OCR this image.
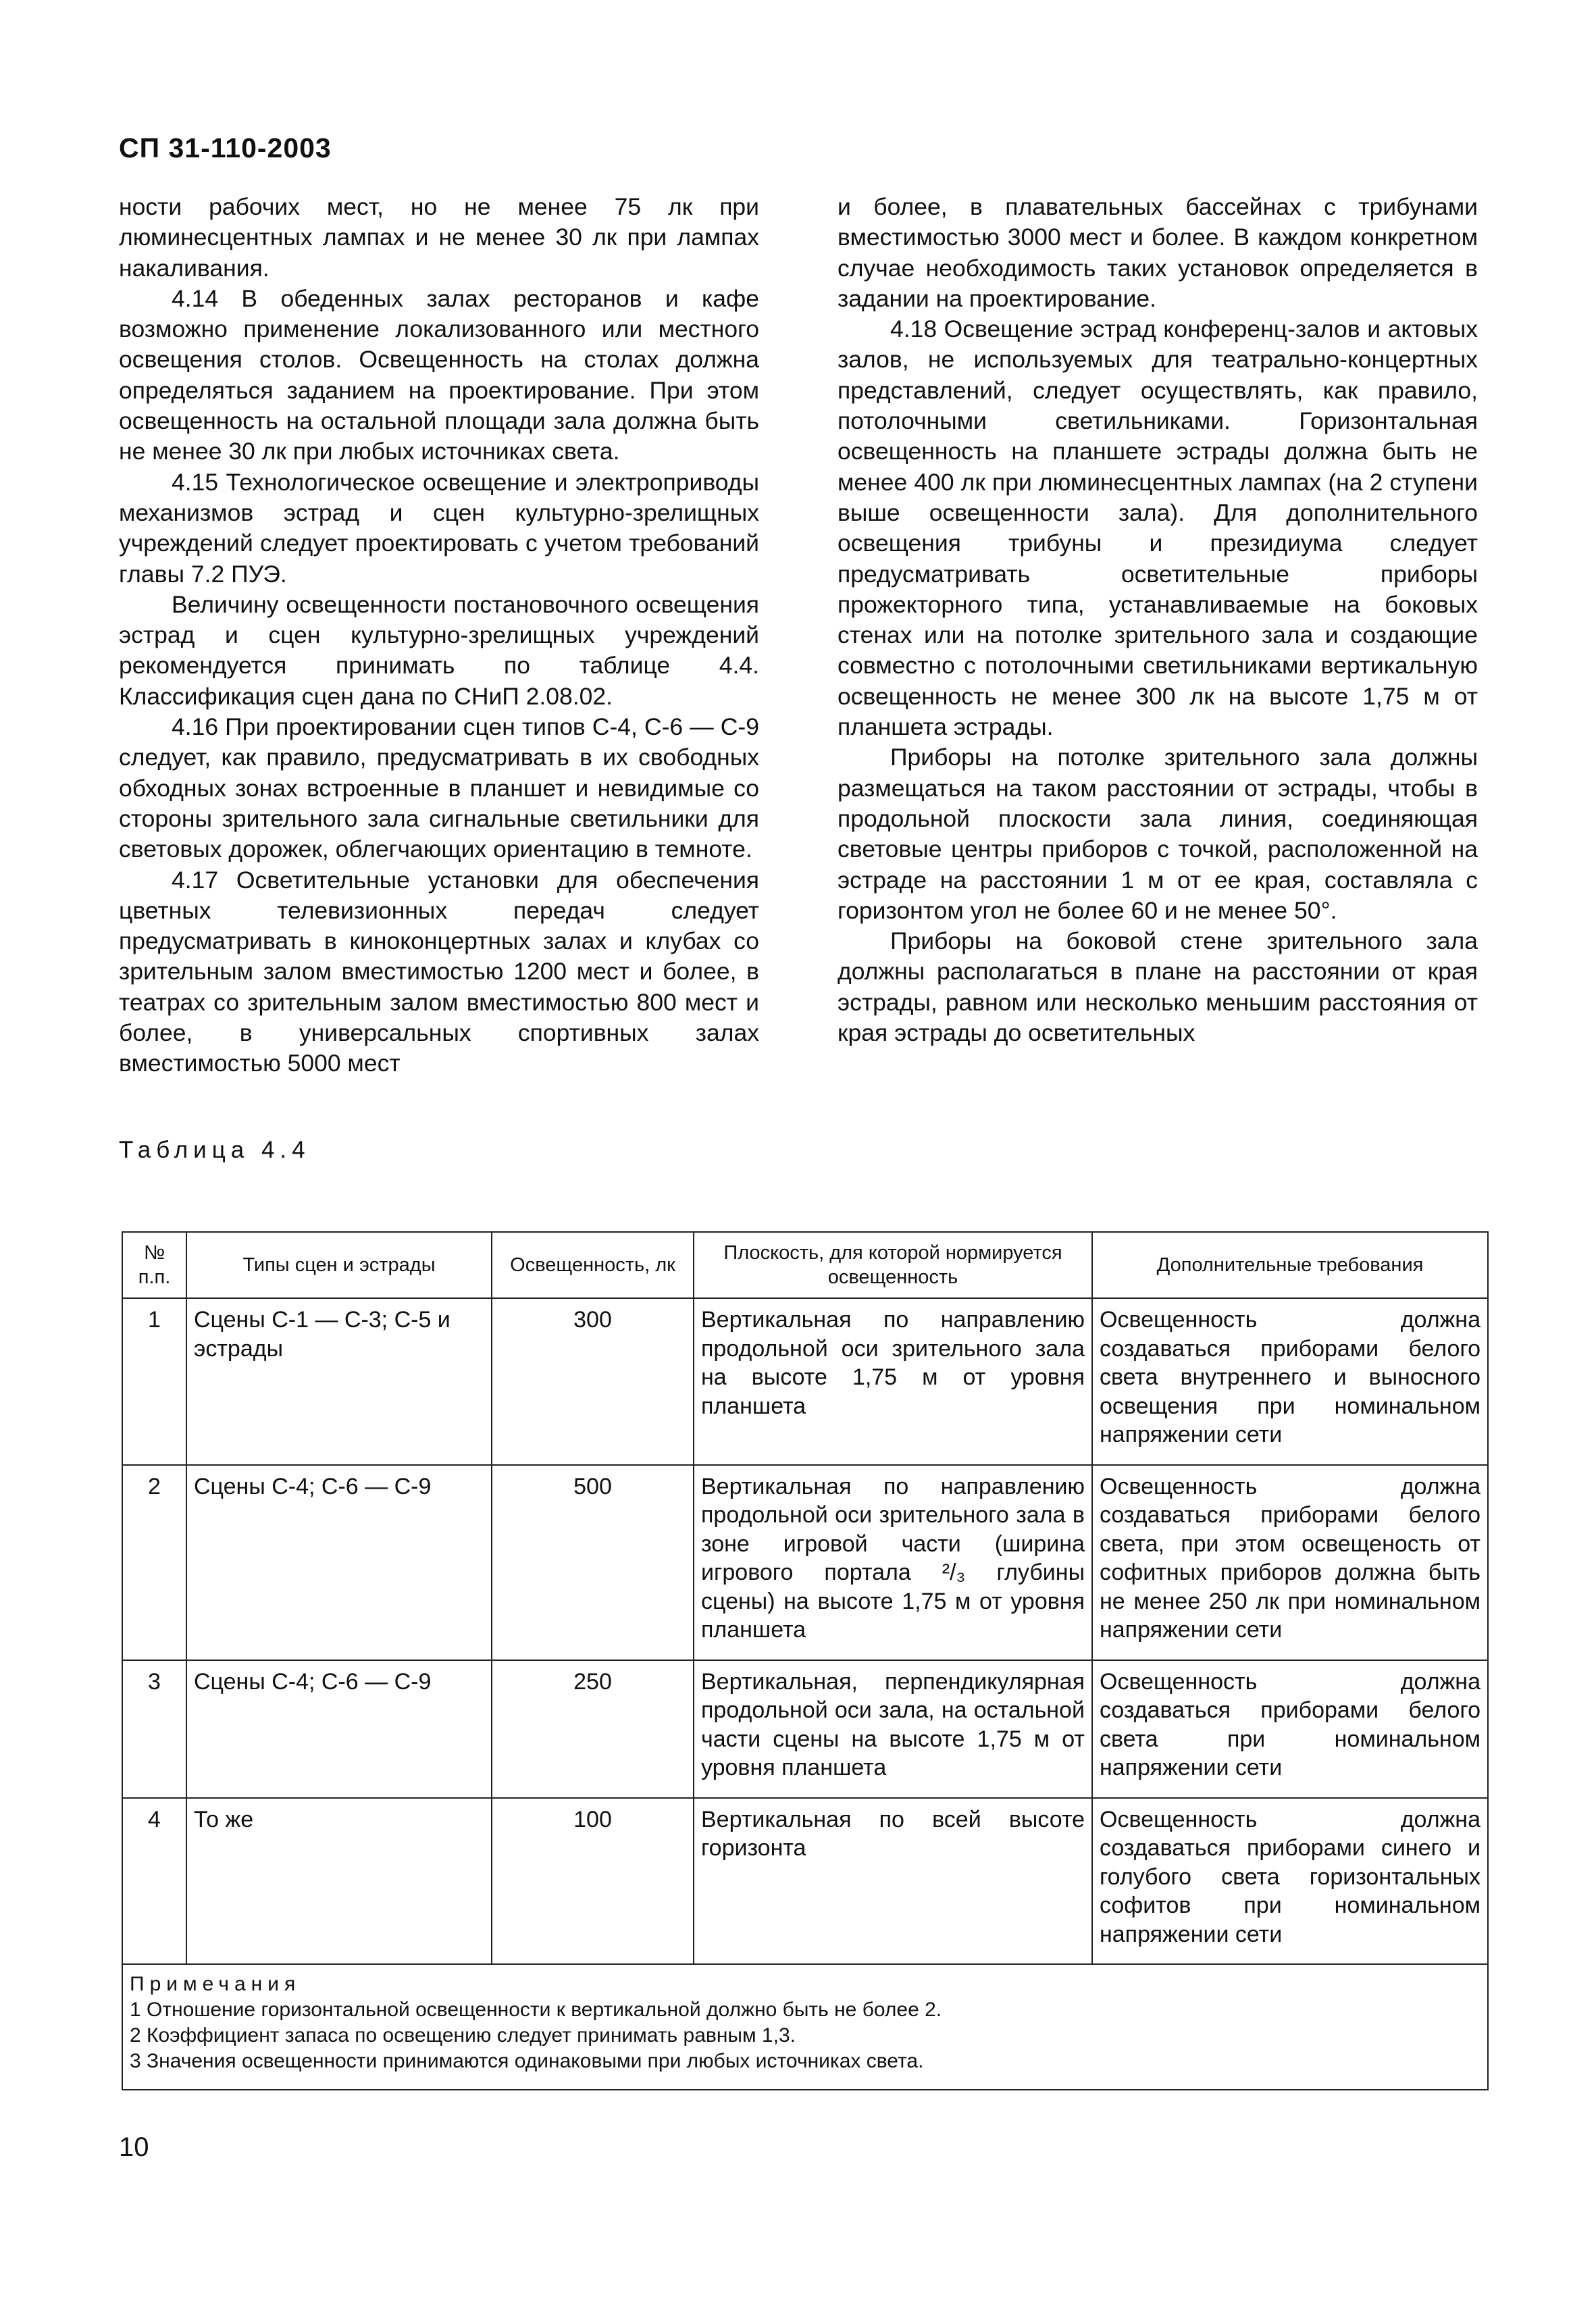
СП 31-110-2003

ности рабочих мест, но не менее 75 лк при люминесцентных лампах и не менее 30 лк при лампах накаливания.

4.14 В обеденных залах ресторанов и кафе возможно применение локализованного или местного освещения столов. Освещенность на столах должна определяться заданием на проектирование. При этом освещенность на остальной площади зала должна быть не менее 30 лк при любых источниках света.

4.15 Технологическое освещение и электроприводы механизмов эстрад и сцен культурно-зрелищных учреждений следует проектировать с учетом требований главы 7.2 ПУЭ.

Величину освещенности постановочного освещения эстрад и сцен культурно-зрелищных учреждений рекомендуется принимать по таблице 4.4. Классификация сцен дана по СНиП 2.08.02.

4.16 При проектировании сцен типов С-4, С-6 — С-9 следует, как правило, предусматривать в их свободных обходных зонах встроенные в планшет и невидимые со стороны зрительного зала сигнальные светильники для световых дорожек, облегчающих ориентацию в темноте.

4.17 Осветительные установки для обеспечения цветных телевизионных передач следует предусматривать в киноконцертных залах и клубах со зрительным залом вместимостью 1200 мест и более, в театрах со зрительным залом вместимостью 800 мест и более, в универсальных спортивных залах вместимостью 5000 мест

и более, в плавательных бассейнах с трибунами вместимостью 3000 мест и более. В каждом конкретном случае необходимость таких установок определяется в задании на проектирование.

4.18 Освещение эстрад конференц-залов и актовых залов, не используемых для театрально-концертных представлений, следует осуществлять, как правило, потолочными светильниками. Горизонтальная освещенность на планшете эстрады должна быть не менее 400 лк при люминесцентных лампах (на 2 ступени выше освещенности зала). Для дополнительного освещения трибуны и президиума следует предусматривать осветительные приборы прожекторного типа, устанавливаемые на боковых стенах или на потолке зрительного зала и создающие совместно с потолочными светильниками вертикальную освещенность не менее 300 лк на высоте 1,75 м от планшета эстрады.

Приборы на потолке зрительного зала должны размещаться на таком расстоянии от эстрады, чтобы в продольной плоскости зала линия, соединяющая световые центры приборов с точкой, расположенной на эстраде на расстоянии 1 м от ее края, составляла с горизонтом угол не более 60 и не менее 50°.

Приборы на боковой стене зрительного зала должны располагаться в плане на расстоянии от края эстрады, равном или несколько меньшим расстояния от края эстрады до осветительных

Таблица 4.4
№ п.п.	Типы сцен и эстрады	Освещенность, лк	Плоскость, для которой нормируется освещенность	Дополнительные требования
1	Сцены С-1 — С-3; С-5 и эстрады	300	Вертикальная по направлению продольной оси зрительного зала на высоте 1,75 м от уровня планшета	Освещенность должна создаваться приборами белого света внутреннего и выносного освещения при номинальном напряжении сети
2	Сцены С-4; С-6 — С-9	500	Вертикальная по направлению продольной оси зрительного зала в зоне игровой части (ширина игрового портала ²/₃ глубины сцены) на высоте 1,75 м от уровня планшета	Освещенность должна создаваться приборами белого света, при этом освещеность от софитных приборов должна быть не менее 250 лк при номинальном напряжении сети
3	Сцены С-4; С-6 — С-9	250	Вертикальная, перпендикулярная продольной оси зала, на остальной части сцены на высоте 1,75 м от уровня планшета	Освещенность должна создаваться приборами белого света при номинальном напряжении сети
4	То же	100	Вертикальная по всей высоте горизонта	Освещенность должна создаваться приборами синего и голубого света горизонтальных софитов при номинальном напряжении сети

Примечания
1 Отношение горизонтальной освещенности к вертикальной должно быть не более 2.
2 Коэффициент запаса по освещению следует принимать равным 1,3.
3 Значения освещенности принимаются одинаковыми при любых источниках света.				
10
